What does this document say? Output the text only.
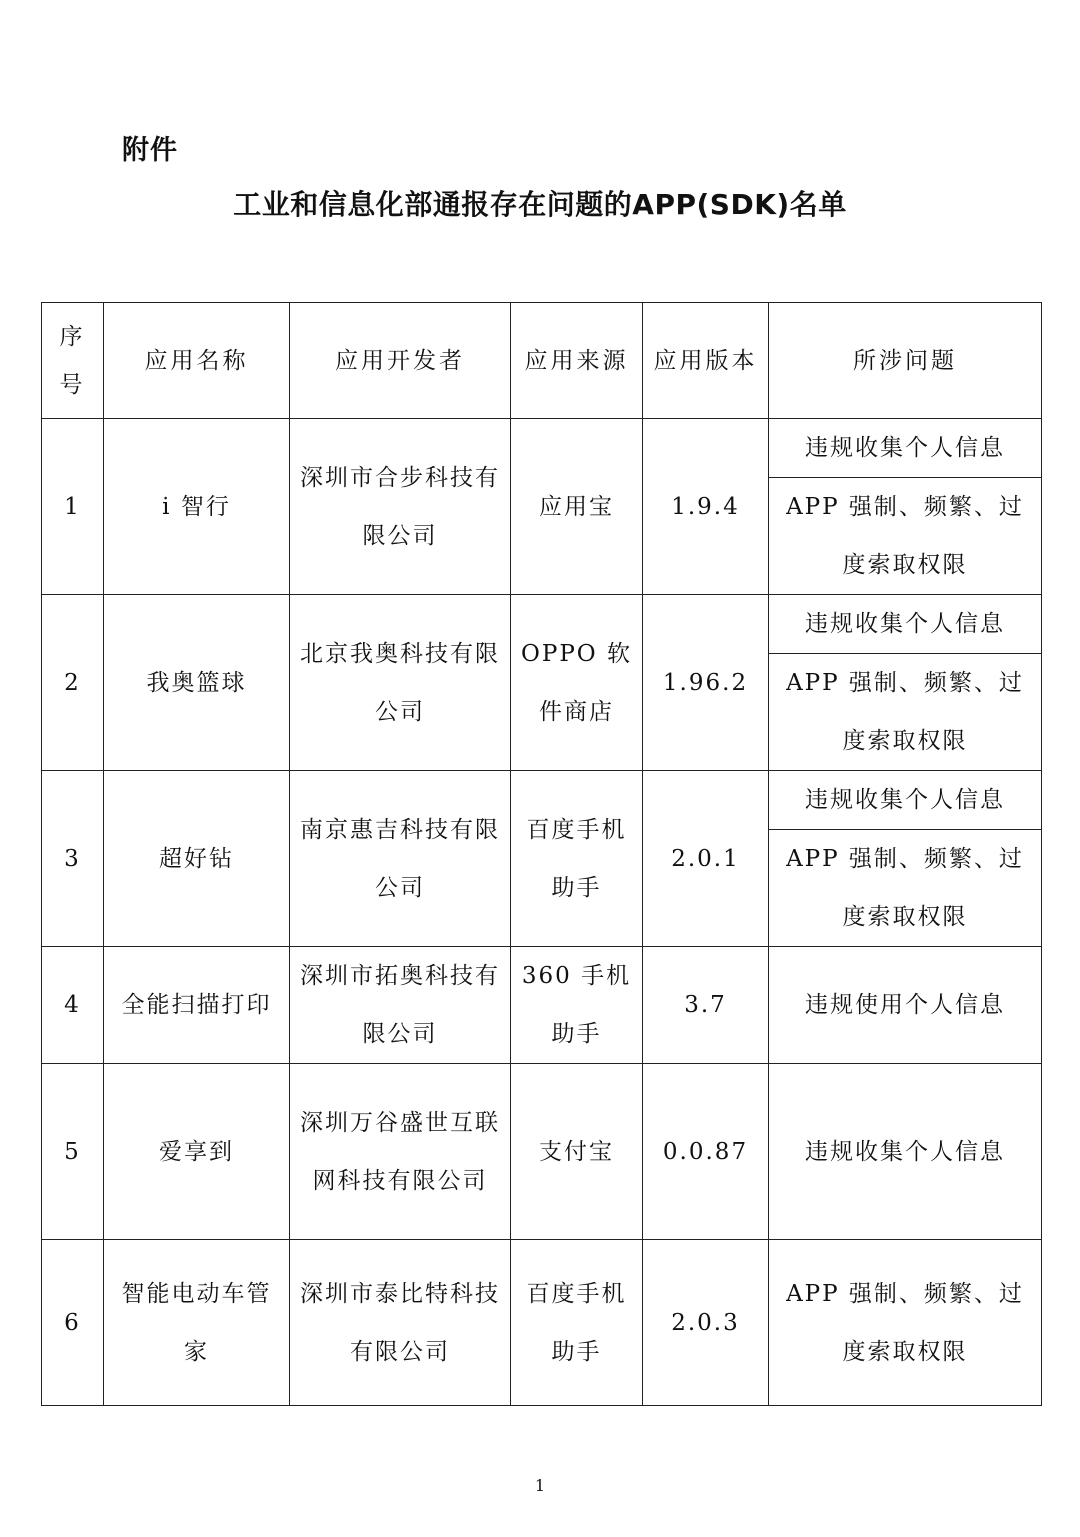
附件
工业和信息化部通报存在问题的APP(SDK)名单
序号	应用名称	应用开发者	应用来源	应用版本	所涉问题
1	i 智行	深圳市合步科技有限公司	应用宝	1.9.4	违规收集个人信息
					APP 强制、频繁、过度索取权限
2	我奥篮球	北京我奥科技有限公司	OPPO 软件商店	1.96.2	违规收集个人信息
					APP 强制、频繁、过度索取权限
3	超好钻	南京惠吉科技有限公司	百度手机助手	2.0.1	违规收集个人信息
					APP 强制、频繁、过度索取权限
4	全能扫描打印	深圳市拓奥科技有限公司	360 手机助手	3.7	违规使用个人信息
5	爱享到	深圳万谷盛世互联网科技有限公司	支付宝	0.0.87	违规收集个人信息
6	智能电动车管家	深圳市泰比特科技有限公司	百度手机助手	2.0.3	APP 强制、频繁、过度索取权限
1
